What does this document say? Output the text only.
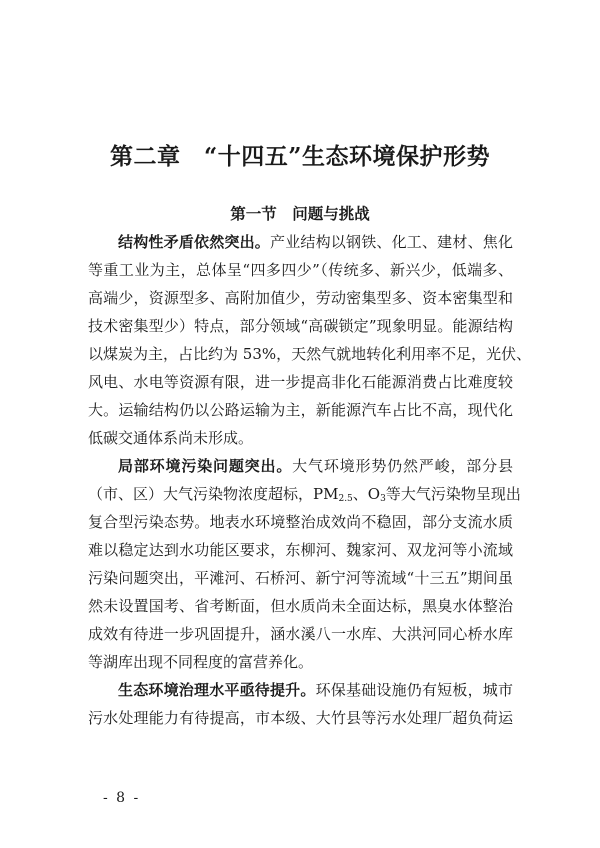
第二章　“十四五”生态环境保护形势
第一节　问题与挑战
结构性矛盾依然突出。产业结构以钢铁、化工、建材、焦化
等重工业为主，总体呈“四多四少”（传统多、新兴少，低端多、
高端少，资源型多、高附加值少，劳动密集型多、资本密集型和
技术密集型少）特点，部分领域“高碳锁定”现象明显。能源结构
以煤炭为主，占比约为 53%，天然气就地转化利用率不足，光伏、
风电、水电等资源有限，进一步提高非化石能源消费占比难度较
大。运输结构仍以公路运输为主，新能源汽车占比不高，现代化
低碳交通体系尚未形成。
局部环境污染问题突出。大气环境形势仍然严峻，部分县
（市、区）大气污染物浓度超标，$PM_{2.5}$、$O_3$等大气污染物呈现出
复合型污染态势。地表水环境整治成效尚不稳固，部分支流水质
难以稳定达到水功能区要求，东柳河、魏家河、双龙河等小流域
污染问题突出，平滩河、石桥河、新宁河等流域“十三五”期间虽
然未设置国考、省考断面，但水质尚未全面达标，黑臭水体整治
成效有待进一步巩固提升，涵水溪八一水库、大洪河同心桥水库
等湖库出现不同程度的富营养化。
生态环境治理水平亟待提升。环保基础设施仍有短板，城市
污水处理能力有待提高，市本级、大竹县等污水处理厂超负荷运
- 8 -
